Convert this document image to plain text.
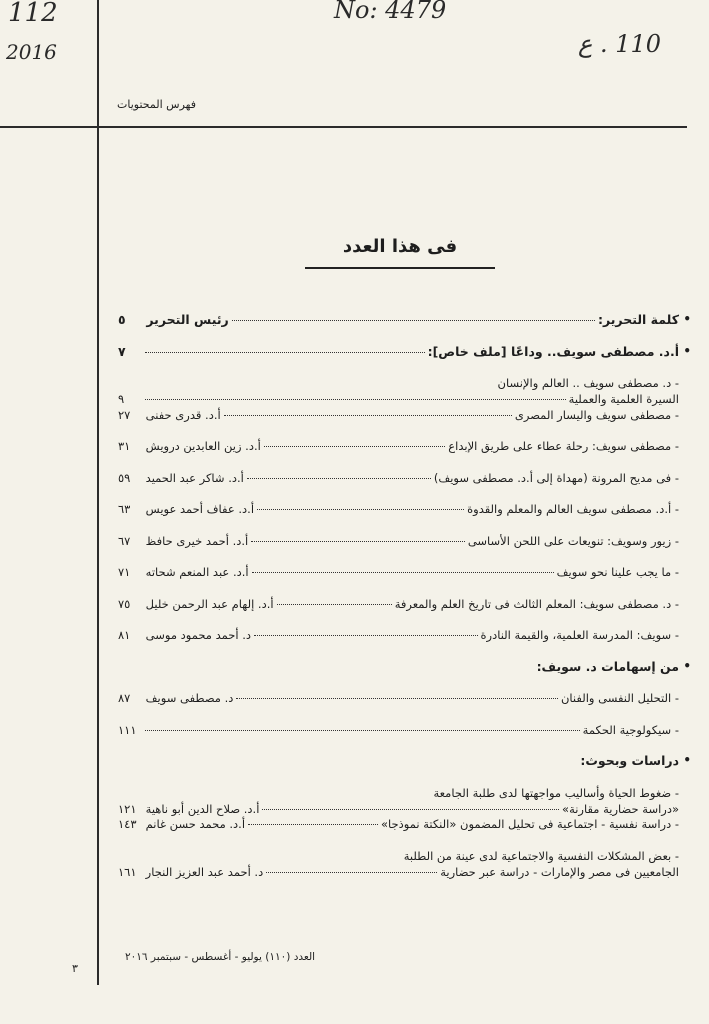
112
2016
No: 4479
110 . ع
فهرس المحتويات
فى هذا العدد
•
كلمة التحرير:
رئيس التحرير

٥
•
أ.د. مصطفى سويف.. وداعًا [ملف خاص]:
٧
- د. مصطفى سويف .. العالم والإنسان
السيرة العلمية والعملية
٩
- مصطفى سويف واليسار المصرى
أ.د. قدرى حفنى

٢٧
- مصطفى سويف: رحلة عطاء على طريق الإبداع
أ.د. زين العابدين درويش

٣١
- فى مديح المرونة (مهداة إلى أ.د. مصطفى سويف)
أ.د. شاكر عبد الحميد

٥٩
- أ.د. مصطفى سويف العالم والمعلم والقدوة
أ.د. عفاف أحمد عويس

٦٣
- زيور وسويف: تنويعات على اللحن الأساسى
أ.د. أحمد خيرى حافظ

٦٧
- ما يجب علينا نحو سويف
أ.د. عبد المنعم شحاته

٧١
- د. مصطفى سويف: المعلم الثالث فى تاريخ العلم والمعرفة
أ.د. إلهام عبد الرحمن خليل

٧٥
- سويف: المدرسة العلمية، والقيمة النادرة
د. أحمد محمود موسى

٨١
•
من إسهامات د. سويف:
- التحليل النفسى والفنان
د. مصطفى سويف

٨٧
- سيكولوجية الحكمة
١١١
•
دراسات وبحوث:
- ضغوط الحياة وأساليب مواجهتها لدى طلبة الجامعة
«دراسة حضارية مقارنة»
أ.د. صلاح الدين أبو ناهية

١٢١
- دراسة نفسية - اجتماعية فى تحليل المضمون «النكتة نموذجا»
أ.د. محمد حسن غانم

١٤٣
- بعض المشكلات النفسية والاجتماعية لدى عينة من الطلبة
الجامعيين فى مصر والإمارات - دراسة عبر حضارية
د. أحمد عبد العزيز النجار

١٦١
العدد (١١٠) يوليو - أغسطس - سبتمبر ٢٠١٦
٣
